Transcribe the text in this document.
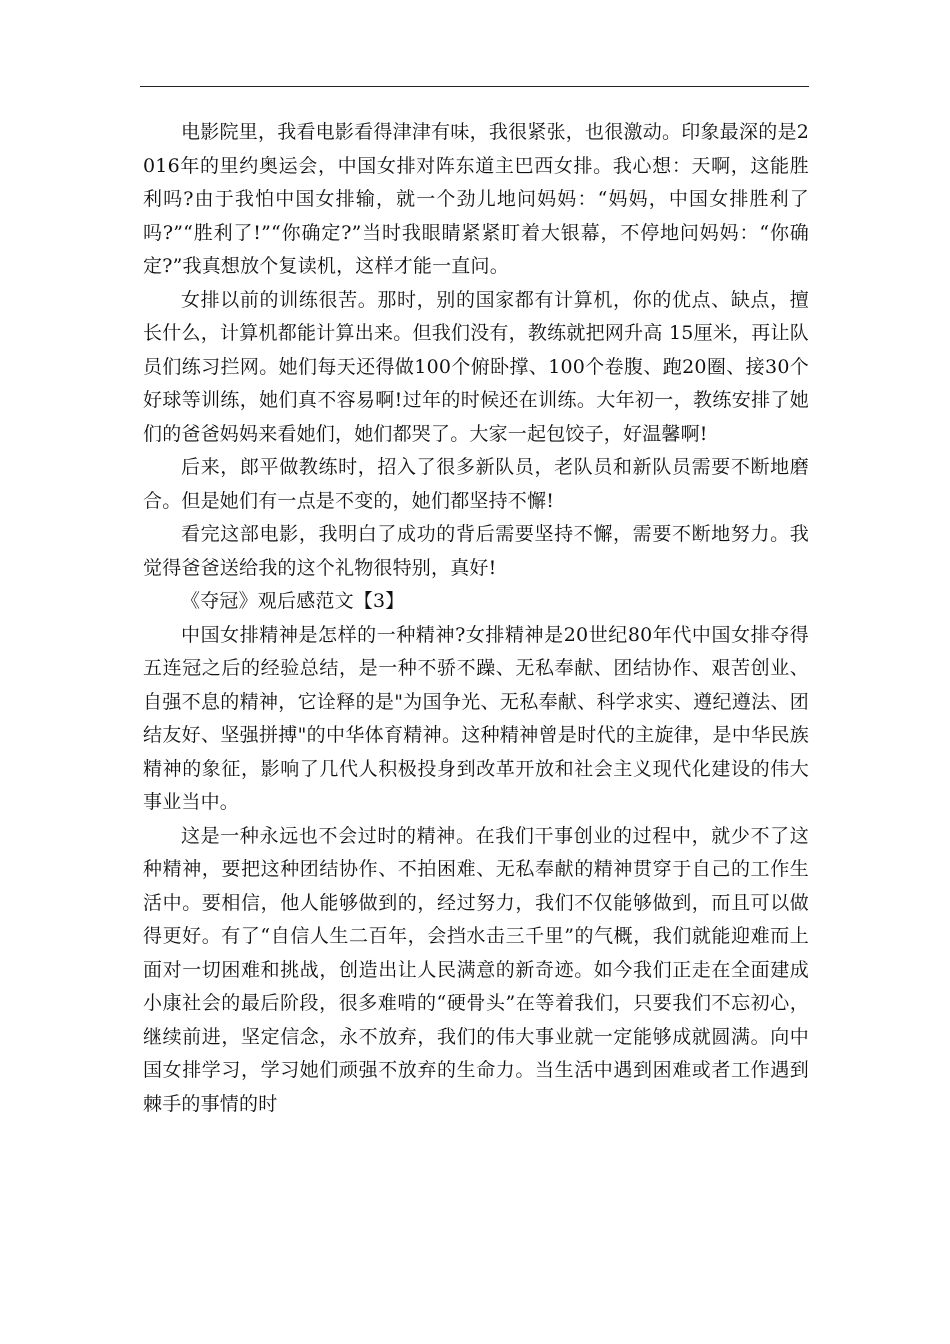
电影院里，我看电影看得津津有味，我很紧张，也很激动。印象最深的是2016年的里约奥运会，中国女排对阵东道主巴西女排。我心想：天啊，这能胜利吗?由于我怕中国女排输，就一个劲儿地问妈妈：“妈妈，中国女排胜利了吗?”“胜利了!”“你确定?”当时我眼睛紧紧盯着大银幕，不停地问妈妈：“你确定?”我真想放个复读机，这样才能一直问。

女排以前的训练很苦。那时，别的国家都有计算机，你的优点、缺点，擅长什么，计算机都能计算出来。但我们没有，教练就把网升高 15厘米，再让队员们练习拦网。她们每天还得做100个俯卧撑、100个卷腹、跑20圈、接30个好球等训练，她们真不容易啊!过年的时候还在训练。大年初一，教练安排了她们的爸爸妈妈来看她们，她们都哭了。大家一起包饺子，好温馨啊!

后来，郎平做教练时，招入了很多新队员，老队员和新队员需要不断地磨合。但是她们有一点是不变的，她们都坚持不懈!

看完这部电影，我明白了成功的背后需要坚持不懈，需要不断地努力。我觉得爸爸送给我的这个礼物很特别，真好!

《夺冠》观后感范文【3】

中国女排精神是怎样的一种精神?女排精神是20世纪80年代中国女排夺得五连冠之后的经验总结，是一种不骄不躁、无私奉献、团结协作、艰苦创业、自强不息的精神，它诠释的是"为国争光、无私奉献、科学求实、遵纪遵法、团结友好、坚强拼搏"的中华体育精神。这种精神曾是时代的主旋律，是中华民族精神的象征，影响了几代人积极投身到改革开放和社会主义现代化建设的伟大事业当中。

这是一种永远也不会过时的精神。在我们干事创业的过程中，就少不了这种精神，要把这种团结协作、不拍困难、无私奉献的精神贯穿于自己的工作生活中。要相信，他人能够做到的，经过努力，我们不仅能够做到，而且可以做得更好。有了“自信人生二百年，会挡水击三千里”的气概，我们就能迎难而上面对一切困难和挑战，创造出让人民满意的新奇迹。如今我们正走在全面建成小康社会的最后阶段，很多难啃的“硬骨头”在等着我们，只要我们不忘初心，继续前进，坚定信念，永不放弃，我们的伟大事业就一定能够成就圆满。向中国女排学习，学习她们顽强不放弃的生命力。当生活中遇到困难或者工作遇到棘手的事情的时
